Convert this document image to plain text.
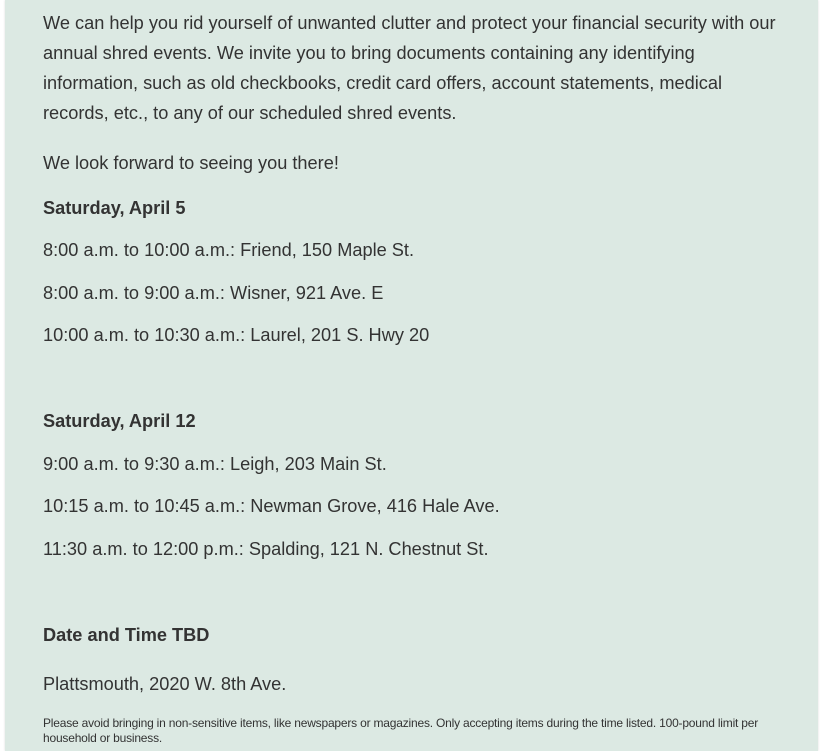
We can help you rid yourself of unwanted clutter and protect your financial security with our annual shred events. We invite you to bring documents containing any identifying information, such as old checkbooks, credit card offers, account statements, medical records, etc., to any of our scheduled shred events.

We look forward to seeing you there!

Saturday, April 5

8:00 a.m. to 10:00 a.m.: Friend, 150 Maple St.

8:00 a.m. to 9:00 a.m.: Wisner, 921 Ave. E

10:00 a.m. to 10:30 a.m.: Laurel, 201 S. Hwy 20

Saturday, April 12

9:00 a.m. to 9:30 a.m.: Leigh, 203 Main St.

10:15 a.m. to 10:45 a.m.: Newman Grove, 416 Hale Ave.

11:30 a.m. to 12:00 p.m.: Spalding, 121 N. Chestnut St.

Date and Time TBD

Plattsmouth, 2020 W. 8th Ave.

Please avoid bringing in non-sensitive items, like newspapers or magazines. Only accepting items during the time listed. 100-pound limit per household or business.
